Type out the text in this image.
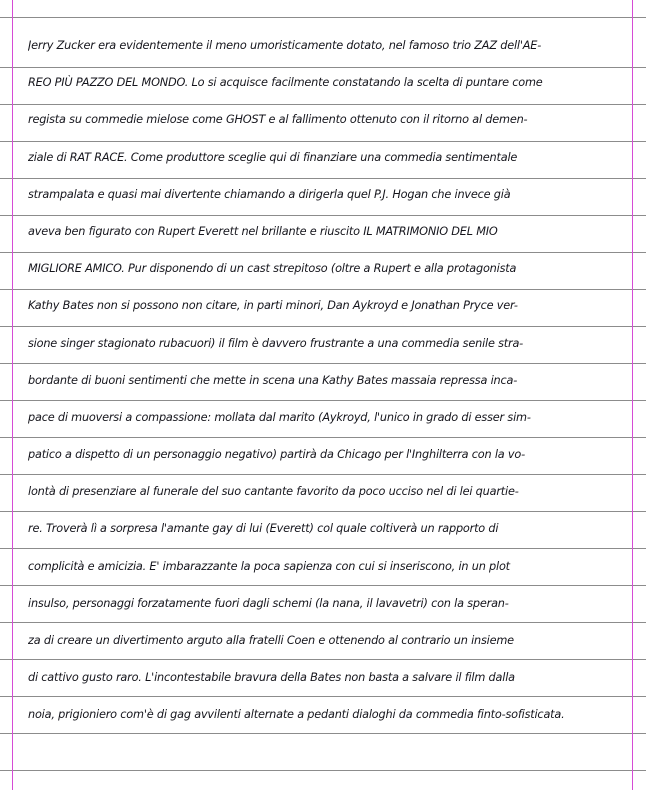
Jerry Zucker era evidentemente il meno umoristicamente dotato, nel famoso trio ZAZ dell'AE-
REO PIÙ PAZZO DEL MONDO. Lo si acquisce facilmente constatando la scelta di puntare come
regista su commedie mielose come GHOST e al fallimento ottenuto con il ritorno al demen-
ziale di RAT RACE. Come produttore sceglie qui di finanziare una commedia sentimentale
strampalata e quasi mai divertente chiamando a dirigerla quel P.J. Hogan che invece già
aveva ben figurato con Rupert Everett nel brillante e riuscito IL MATRIMONIO DEL MIO
MIGLIORE AMICO. Pur disponendo di un cast strepitoso (oltre a Rupert e alla protagonista
Kathy Bates non si possono non citare, in parti minori, Dan Aykroyd e Jonathan Pryce ver-
sione singer stagionato rubacuori) il film è davvero frustrante a una commedia senile stra-
bordante di buoni sentimenti che mette in scena una Kathy Bates massaia repressa inca-
pace di muoversi a compassione: mollata dal marito (Aykroyd, l'unico in grado di esser sim-
patico a dispetto di un personaggio negativo) partirà da Chicago per l'Inghilterra con la vo-
lontà di presenziare al funerale del suo cantante favorito da poco ucciso nel di lei quartie-
re. Troverà lì a sorpresa l'amante gay di lui (Everett) col quale coltiverà un rapporto di
complicità e amicizia. E' imbarazzante la poca sapienza con cui si inseriscono, in un plot
insulso, personaggi forzatamente fuori dagli schemi (la nana, il lavavetri) con la speran-
za di creare un divertimento arguto alla fratelli Coen e ottenendo al contrario un insieme
di cattivo gusto raro. L'incontestabile bravura della Bates non basta a salvare il film dalla
noia, prigioniero com'è di gag avvilenti alternate a pedanti dialoghi da commedia finto-sofisticata.
